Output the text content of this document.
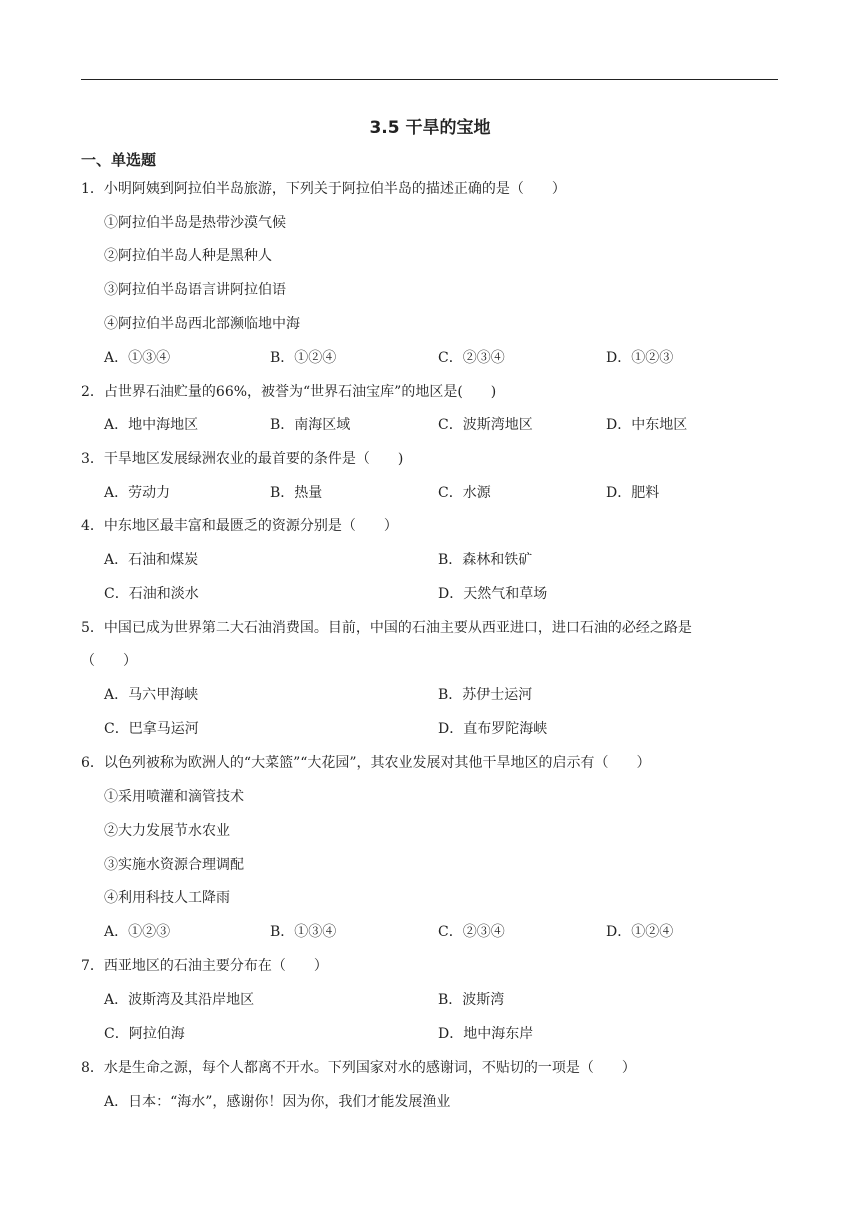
3.5 干旱的宝地
一、单选题
1．小明阿姨到阿拉伯半岛旅游，下列关于阿拉伯半岛的描述正确的是（　　）
①阿拉伯半岛是热带沙漠气候
②阿拉伯半岛人种是黑种人
③阿拉伯半岛语言讲阿拉伯语
④阿拉伯半岛西北部濒临地中海
A．①③④	B．①②④	C．②③④	D．①②③
2．占世界石油贮量的66%，被誉为“世界石油宝库”的地区是(　　)
A．地中海地区	B．南海区域	C．波斯湾地区	D．中东地区
3．干旱地区发展绿洲农业的最首要的条件是（　　)
A．劳动力	B．热量	C．水源	D．肥料
4．中东地区最丰富和最匮乏的资源分别是（　　）
A．石油和煤炭	B．森林和铁矿
C．石油和淡水	D．天然气和草场
5．中国已成为世界第二大石油消费国。目前，中国的石油主要从西亚进口，进口石油的必经之路是
（　　）
A．马六甲海峡	B．苏伊士运河
C．巴拿马运河	D．直布罗陀海峡
6．以色列被称为欧洲人的“大菜篮”“大花园”，其农业发展对其他干旱地区的启示有（　　）
①采用喷灌和滴管技术
②大力发展节水农业
③实施水资源合理调配
④利用科技人工降雨
A．①②③	B．①③④	C．②③④	D．①②④
7．西亚地区的石油主要分布在（　　）
A．波斯湾及其沿岸地区	B．波斯湾
C．阿拉伯海	D．地中海东岸
8．水是生命之源，每个人都离不开水。下列国家对水的感谢词，不贴切的一项是（　　）
A．日本：“海水”，感谢你！因为你，我们才能发展渔业
